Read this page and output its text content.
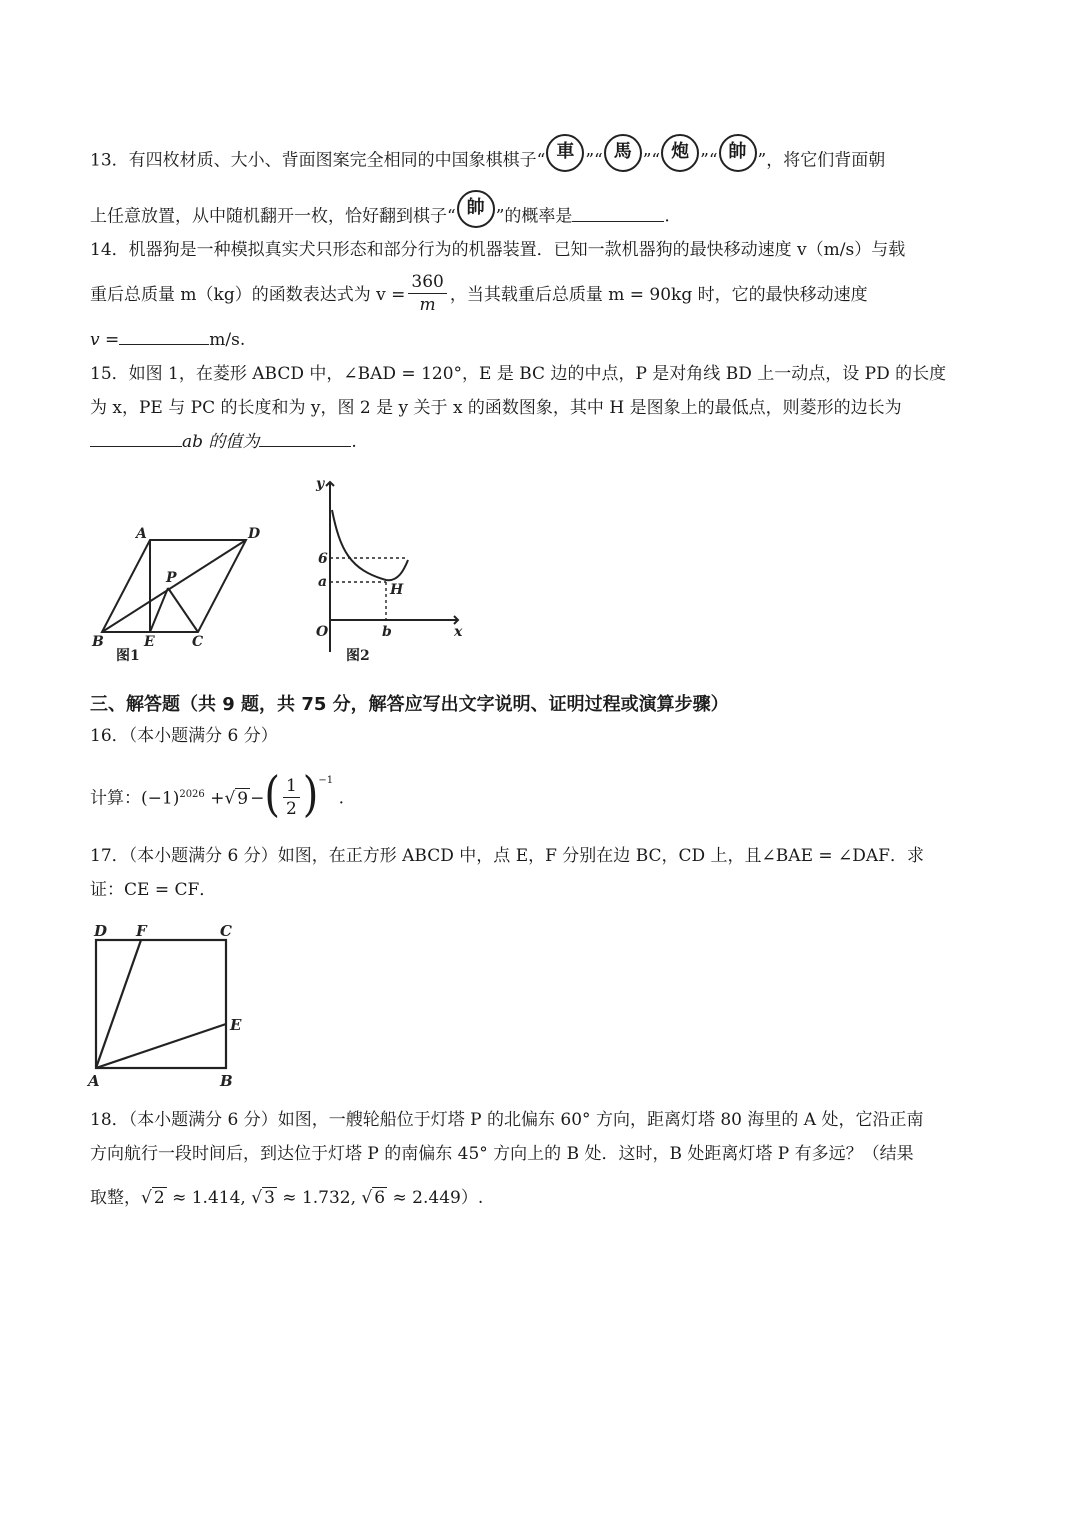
13．有四枚材质、大小、背面图案完全相同的中国象棋棋子“ 車 ”“ 馬 ”“ 炮 ”“ 帥 ”，将它们背面朝
上任意放置，从中随机翻开一枚，恰好翻到棋子“ 帥 ”的概率是	.
14．机器狗是一种模拟真实犬只形态和部分行为的机器装置．已知一款机器狗的最快移动速度 v（m/s）与载
重后总质量 m（kg）的函数表达式为 $v = \frac{360}{m}$ ，当其载重后总质量 m = 90kg 时，它的最快移动速度
v =	m/s.
15．如图 1，在菱形 ABCD 中，∠BAD = 120°，E 是 BC 边的中点，P 是对角线 BD 上一动点，设 PD 的长度
为 x，PE 与 PC 的长度和为 y，图 2 是 y 关于 x 的函数图象，其中 H 是图象上的最低点，则菱形的边长为
ab 的值为	.
A	D
B	E	C
P
图1
y
x
O
6
a
b
H
图2
三、解答题（共 9 题，共 75 分，解答应写出文字说明、证明过程或演算步骤）
16．（本小题满分 6 分）
计算：$(-1)^{2026}$ +√ 9 −( $\frac{1}{2} )^{-1}$ .
17．（本小题满分 6 分）如图，在正方形 ABCD 中，点 E，F 分别在边 BC，CD 上，且∠BAE = ∠DAF．求
证：CE = CF．
D F	C
E
A	B
18．（本小题满分 6 分）如图，一艘轮船位于灯塔 P 的北偏东 60° 方向，距离灯塔 80 海里的 A 处，它沿正南
方向航行一段时间后，到达位于灯塔 P 的南偏东 45° 方向上的 B 处．这时，B 处距离灯塔 P 有多远？（结果
取整，√ 2 ≈ 1.414, √ 3 ≈ 1.732, √ 6 ≈ 2.449）.
